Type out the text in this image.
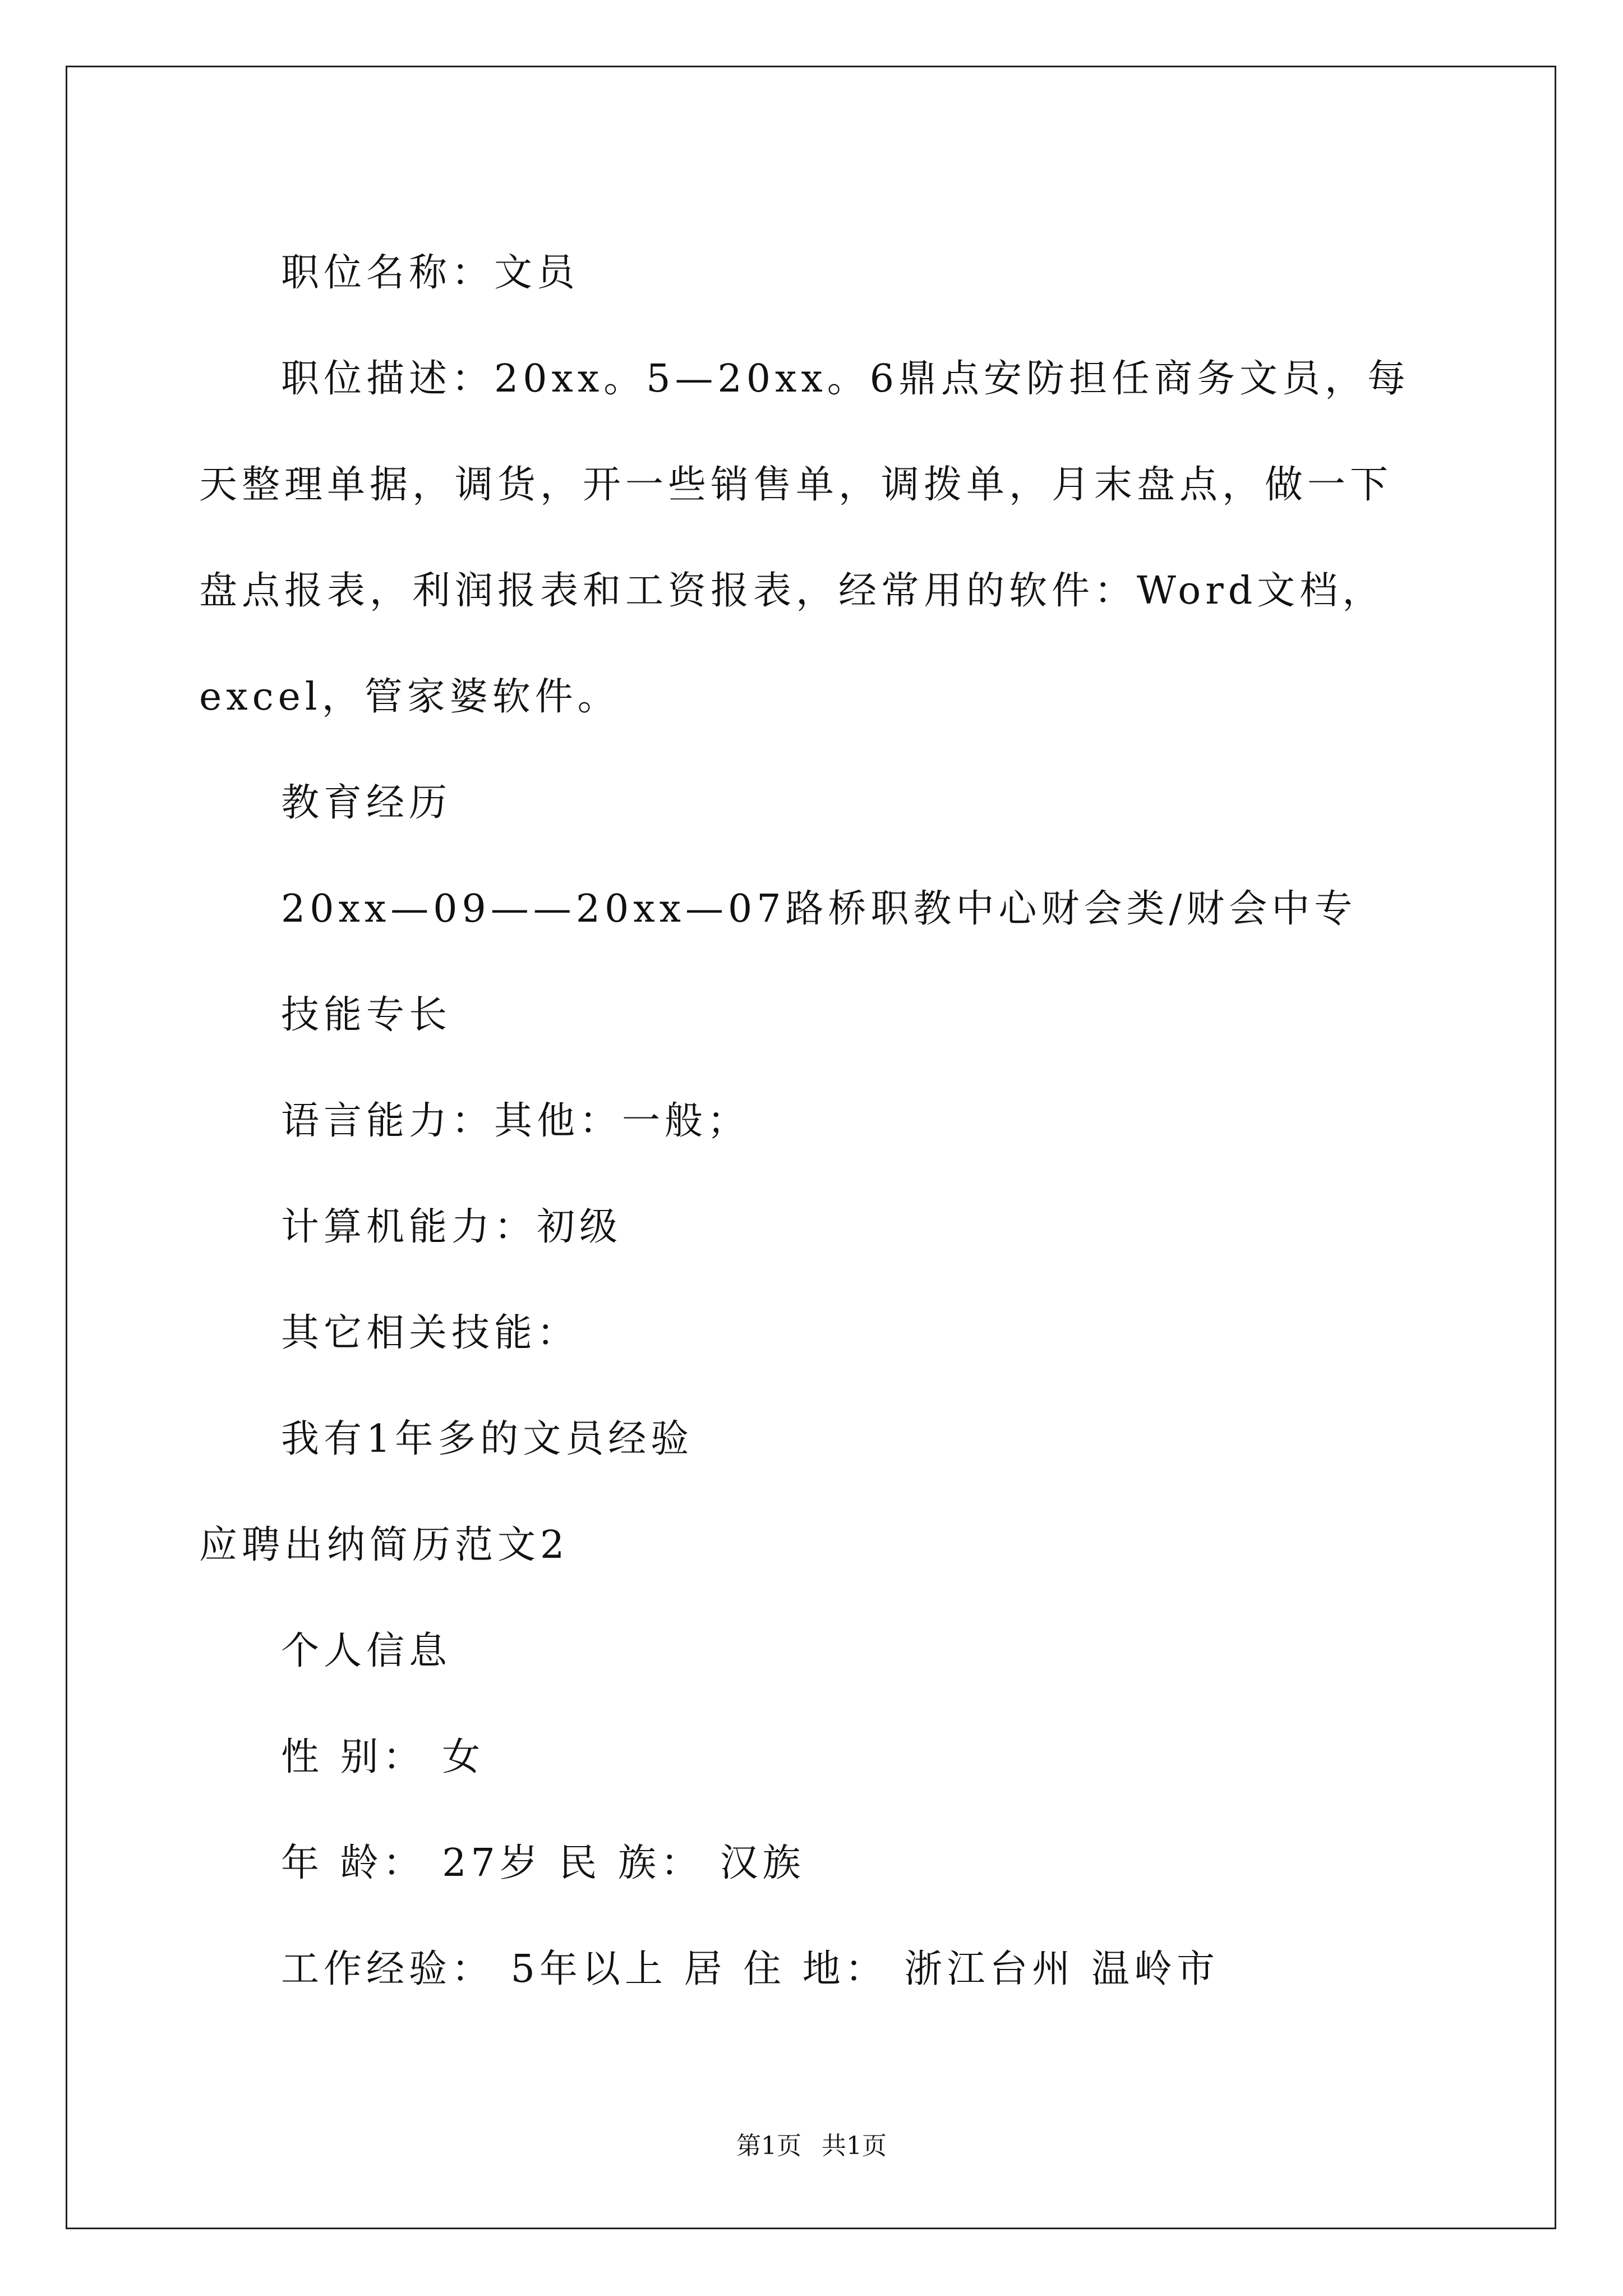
职位名称：文员
职位描述：20xx。5—20xx。6鼎点安防担任商务文员，每天整理单据，调货，开一些销售单，调拨单，月末盘点，做一下盘点报表，利润报表和工资报表，经常用的软件：Word文档，excel，管家婆软件。
教育经历
20xx—09——20xx—07路桥职教中心财会类/财会中专
技能专长
语言能力：其他：一般；
计算机能力：初级
其它相关技能：
我有1年多的文员经验
应聘出纳简历范文2
个人信息
性 别： 女
年 龄： 27岁 民 族： 汉族
工作经验： 5年以上 居 住 地： 浙江台州 温岭市
第1页 共1页
